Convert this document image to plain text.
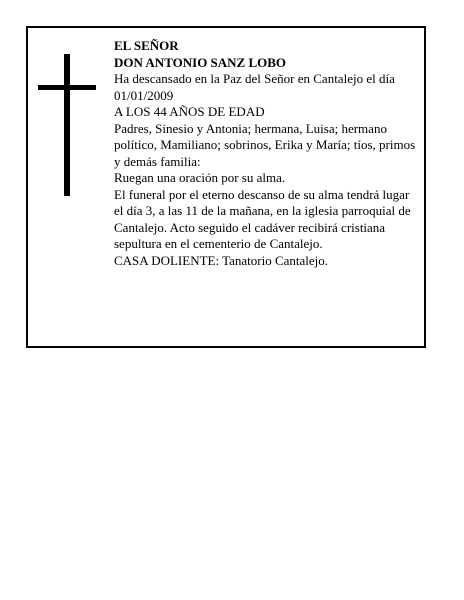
EL SEÑOR

DON ANTONIO SANZ LOBO

Ha descansado en la Paz del Señor en Cantalejo el día 01/01/2009

A LOS 44 AÑOS DE EDAD

Padres, Sinesio y Antonia; hermana, Luisa; hermano político, Mamiliano; sobrinos, Erika y María; tíos, primos y demás familia:

Ruegan una oración por su alma.

El funeral por el eterno descanso de su alma tendrá lugar el día 3, a las 11 de la mañana, en la iglesia parroquial de Cantalejo. Acto seguido el cadáver recibirá cristiana sepultura en el cementerio de Cantalejo.

CASA DOLIENTE: Tanatorio Cantalejo.
